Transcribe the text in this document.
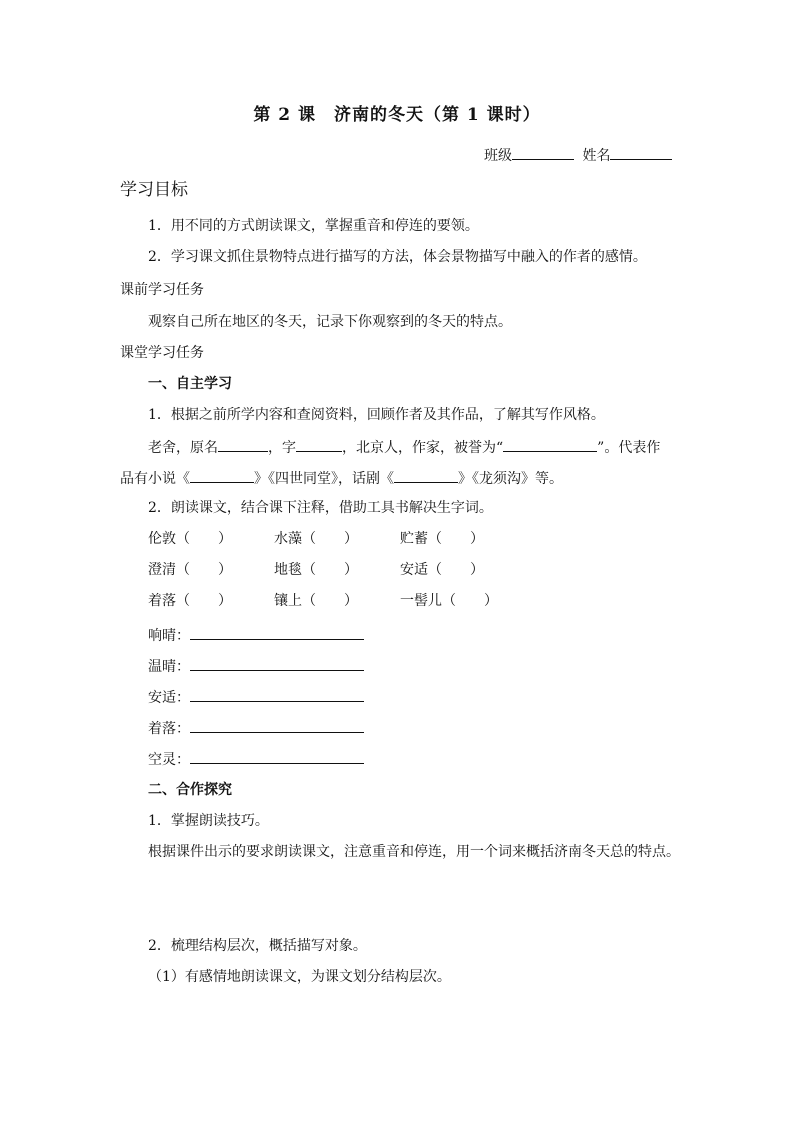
第 2 课　济南的冬天（第 1 课时）
班级	姓名
学习目标
1．用不同的方式朗读课文，掌握重音和停连的要领。
2．学习课文抓住景物特点进行描写的方法，体会景物描写中融入的作者的感情。
课前学习任务
观察自己所在地区的冬天，记录下你观察到的冬天的特点。
课堂学习任务
一、自主学习
1．根据之前所学内容和查阅资料，回顾作者及其作品，了解其写作风格。
老舍，原名	，字	，北京人，作家，被誉为“	”。代表作
品有小说《	》《四世同堂》，话剧《	》《龙须沟》等。
2．朗读课文，结合课下注释，借助工具书解决生字词。
伦敦（　　）	水藻（　　）	贮蓄（　　）
澄清（　　）	地毯（　　）	安适（　　）
着落（　　）	镶上（　　）	一髻儿（　　）
响晴：
温晴：
安适：
着落：
空灵：
二、合作探究
1．掌握朗读技巧。
根据课件出示的要求朗读课文，注意重音和停连，用一个词来概括济南冬天总的特点。
2．梳理结构层次，概括描写对象。
（1）有感情地朗读课文，为课文划分结构层次。
